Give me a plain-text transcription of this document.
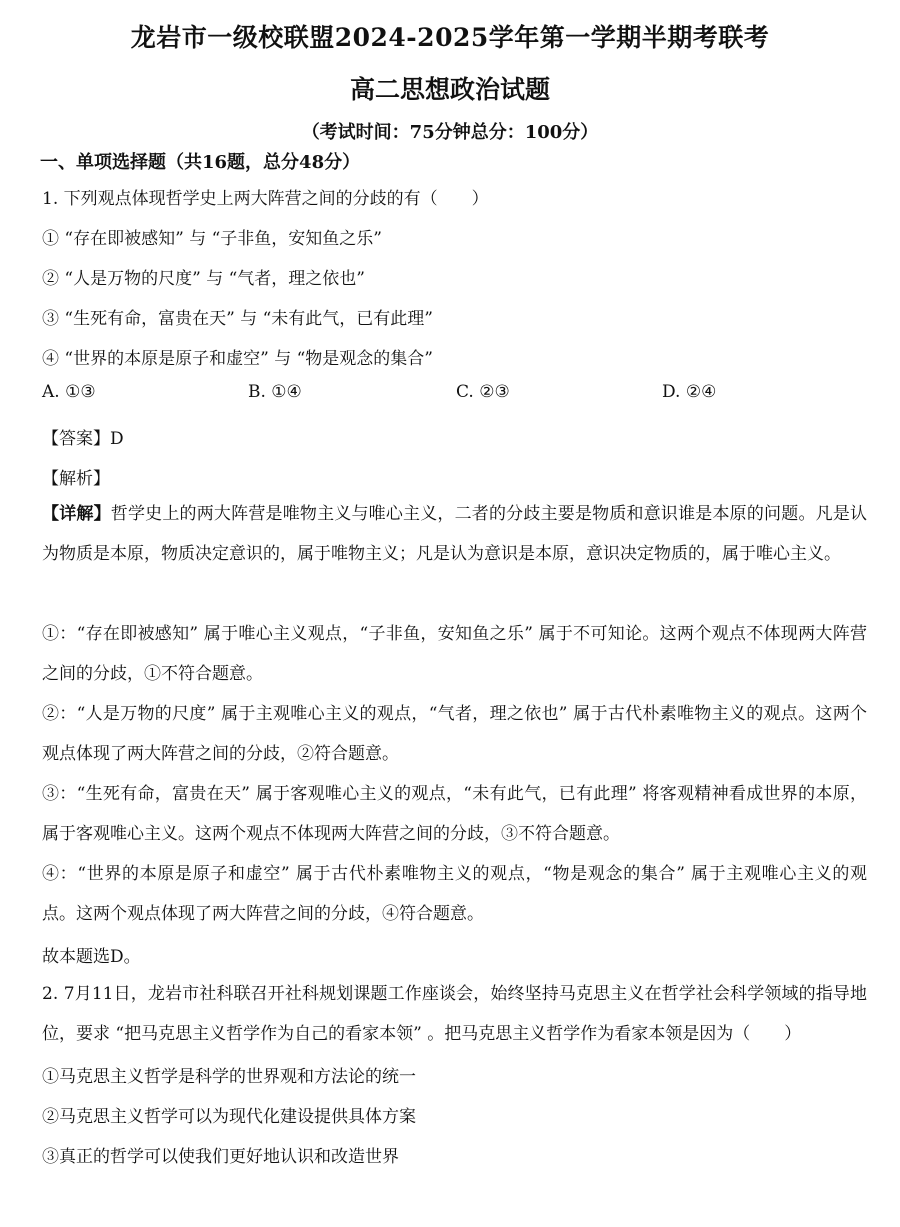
龙岩市一级校联盟2024-2025学年第一学期半期考联考
高二思想政治试题
（考试时间：75分钟总分：100分）
一、单项选择题（共16题，总分48分）
1. 下列观点体现哲学史上两大阵营之间的分歧的有（　　）
① “存在即被感知” 与 “子非鱼，安知鱼之乐”
② “人是万物的尺度” 与 “气者，理之依也”
③ “生死有命，富贵在天” 与 “未有此气，已有此理”
④ “世界的本原是原子和虚空” 与 “物是观念的集合”
A. ①③	B. ①④	C. ②③	D. ②④
【答案】D
【解析】
【详解】哲学史上的两大阵营是唯物主义与唯心主义，二者的分歧主要是物质和意识谁是本原的问题。凡是认为物质是本原，物质决定意识的，属于唯物主义；凡是认为意识是本原，意识决定物质的，属于唯心主义。
①：“存在即被感知” 属于唯心主义观点，“子非鱼，安知鱼之乐” 属于不可知论。这两个观点不体现两大阵营之间的分歧，①不符合题意。
②：“人是万物的尺度” 属于主观唯心主义的观点，“气者，理之依也” 属于古代朴素唯物主义的观点。这两个观点体现了两大阵营之间的分歧，②符合题意。
③：“生死有命，富贵在天” 属于客观唯心主义的观点，“未有此气，已有此理” 将客观精神看成世界的本原，属于客观唯心主义。这两个观点不体现两大阵营之间的分歧，③不符合题意。
④：“世界的本原是原子和虚空” 属于古代朴素唯物主义的观点，“物是观念的集合” 属于主观唯心主义的观点。这两个观点体现了两大阵营之间的分歧，④符合题意。
故本题选D。
2. 7月11日，龙岩市社科联召开社科规划课题工作座谈会，始终坚持马克思主义在哲学社会科学领域的指导地位，要求 “把马克思主义哲学作为自己的看家本领” 。把马克思主义哲学作为看家本领是因为（　　）
①马克思主义哲学是科学的世界观和方法论的统一
②马克思主义哲学可以为现代化建设提供具体方案
③真正的哲学可以使我们更好地认识和改造世界
